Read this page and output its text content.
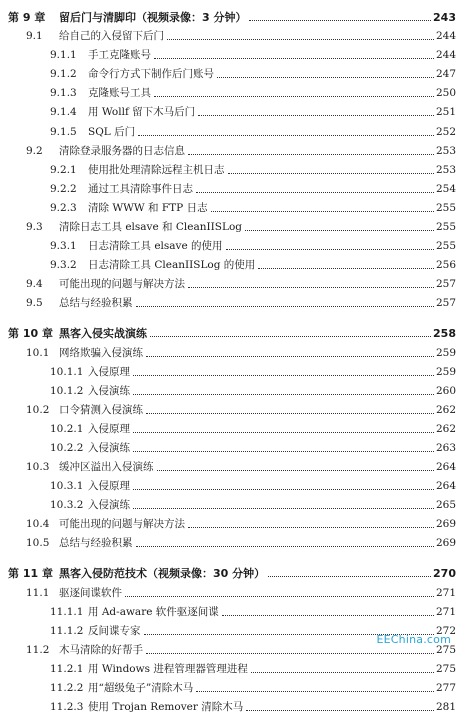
第 9 章	留后门与清脚印（视频录像：3 分钟）	243
9.1	给自己的入侵留下后门	244
9.1.1	手工克隆账号	244
9.1.2	命令行方式下制作后门账号	247
9.1.3	克隆账号工具	250
9.1.4	用 Wollf 留下木马后门	251
9.1.5	SQL 后门	252
9.2	清除登录服务器的日志信息	253
9.2.1	使用批处理清除远程主机日志	253
9.2.2	通过工具清除事件日志	254
9.2.3	清除 WWW 和 FTP 日志	255
9.3	清除日志工具 elsave 和 CleanIISLog	255
9.3.1	日志清除工具 elsave 的使用	255
9.3.2	日志清除工具 CleanIISLog 的使用	256
9.4	可能出现的问题与解决方法	257
9.5	总结与经验积累	257
第 10 章 黑客入侵实战演练	258
10.1 网络欺骗入侵演练	259
10.1.1 入侵原理	259
10.1.2 入侵演练	260
10.2 口令猜测入侵演练	262
10.2.1 入侵原理	262
10.2.2 入侵演练	263
10.3 缓冲区溢出入侵演练	264
10.3.1 入侵原理	264
10.3.2 入侵演练	265
10.4 可能出现的问题与解决方法	269
10.5 总结与经验积累	269
第 11 章 黑客入侵防范技术（视频录像：30 分钟）	270
11.1 驱逐间谍软件	271
11.1.1 用 Ad-aware 软件驱逐间谍	271
11.1.2 反间谍专家	272
11.2 木马清除的好帮手	275
11.2.1 用 Windows 进程管理器管理进程	275
11.2.2 用“超级兔子”清除木马	277
11.2.3 使用 Trojan Remover 清除木马	281
EEChina.com
